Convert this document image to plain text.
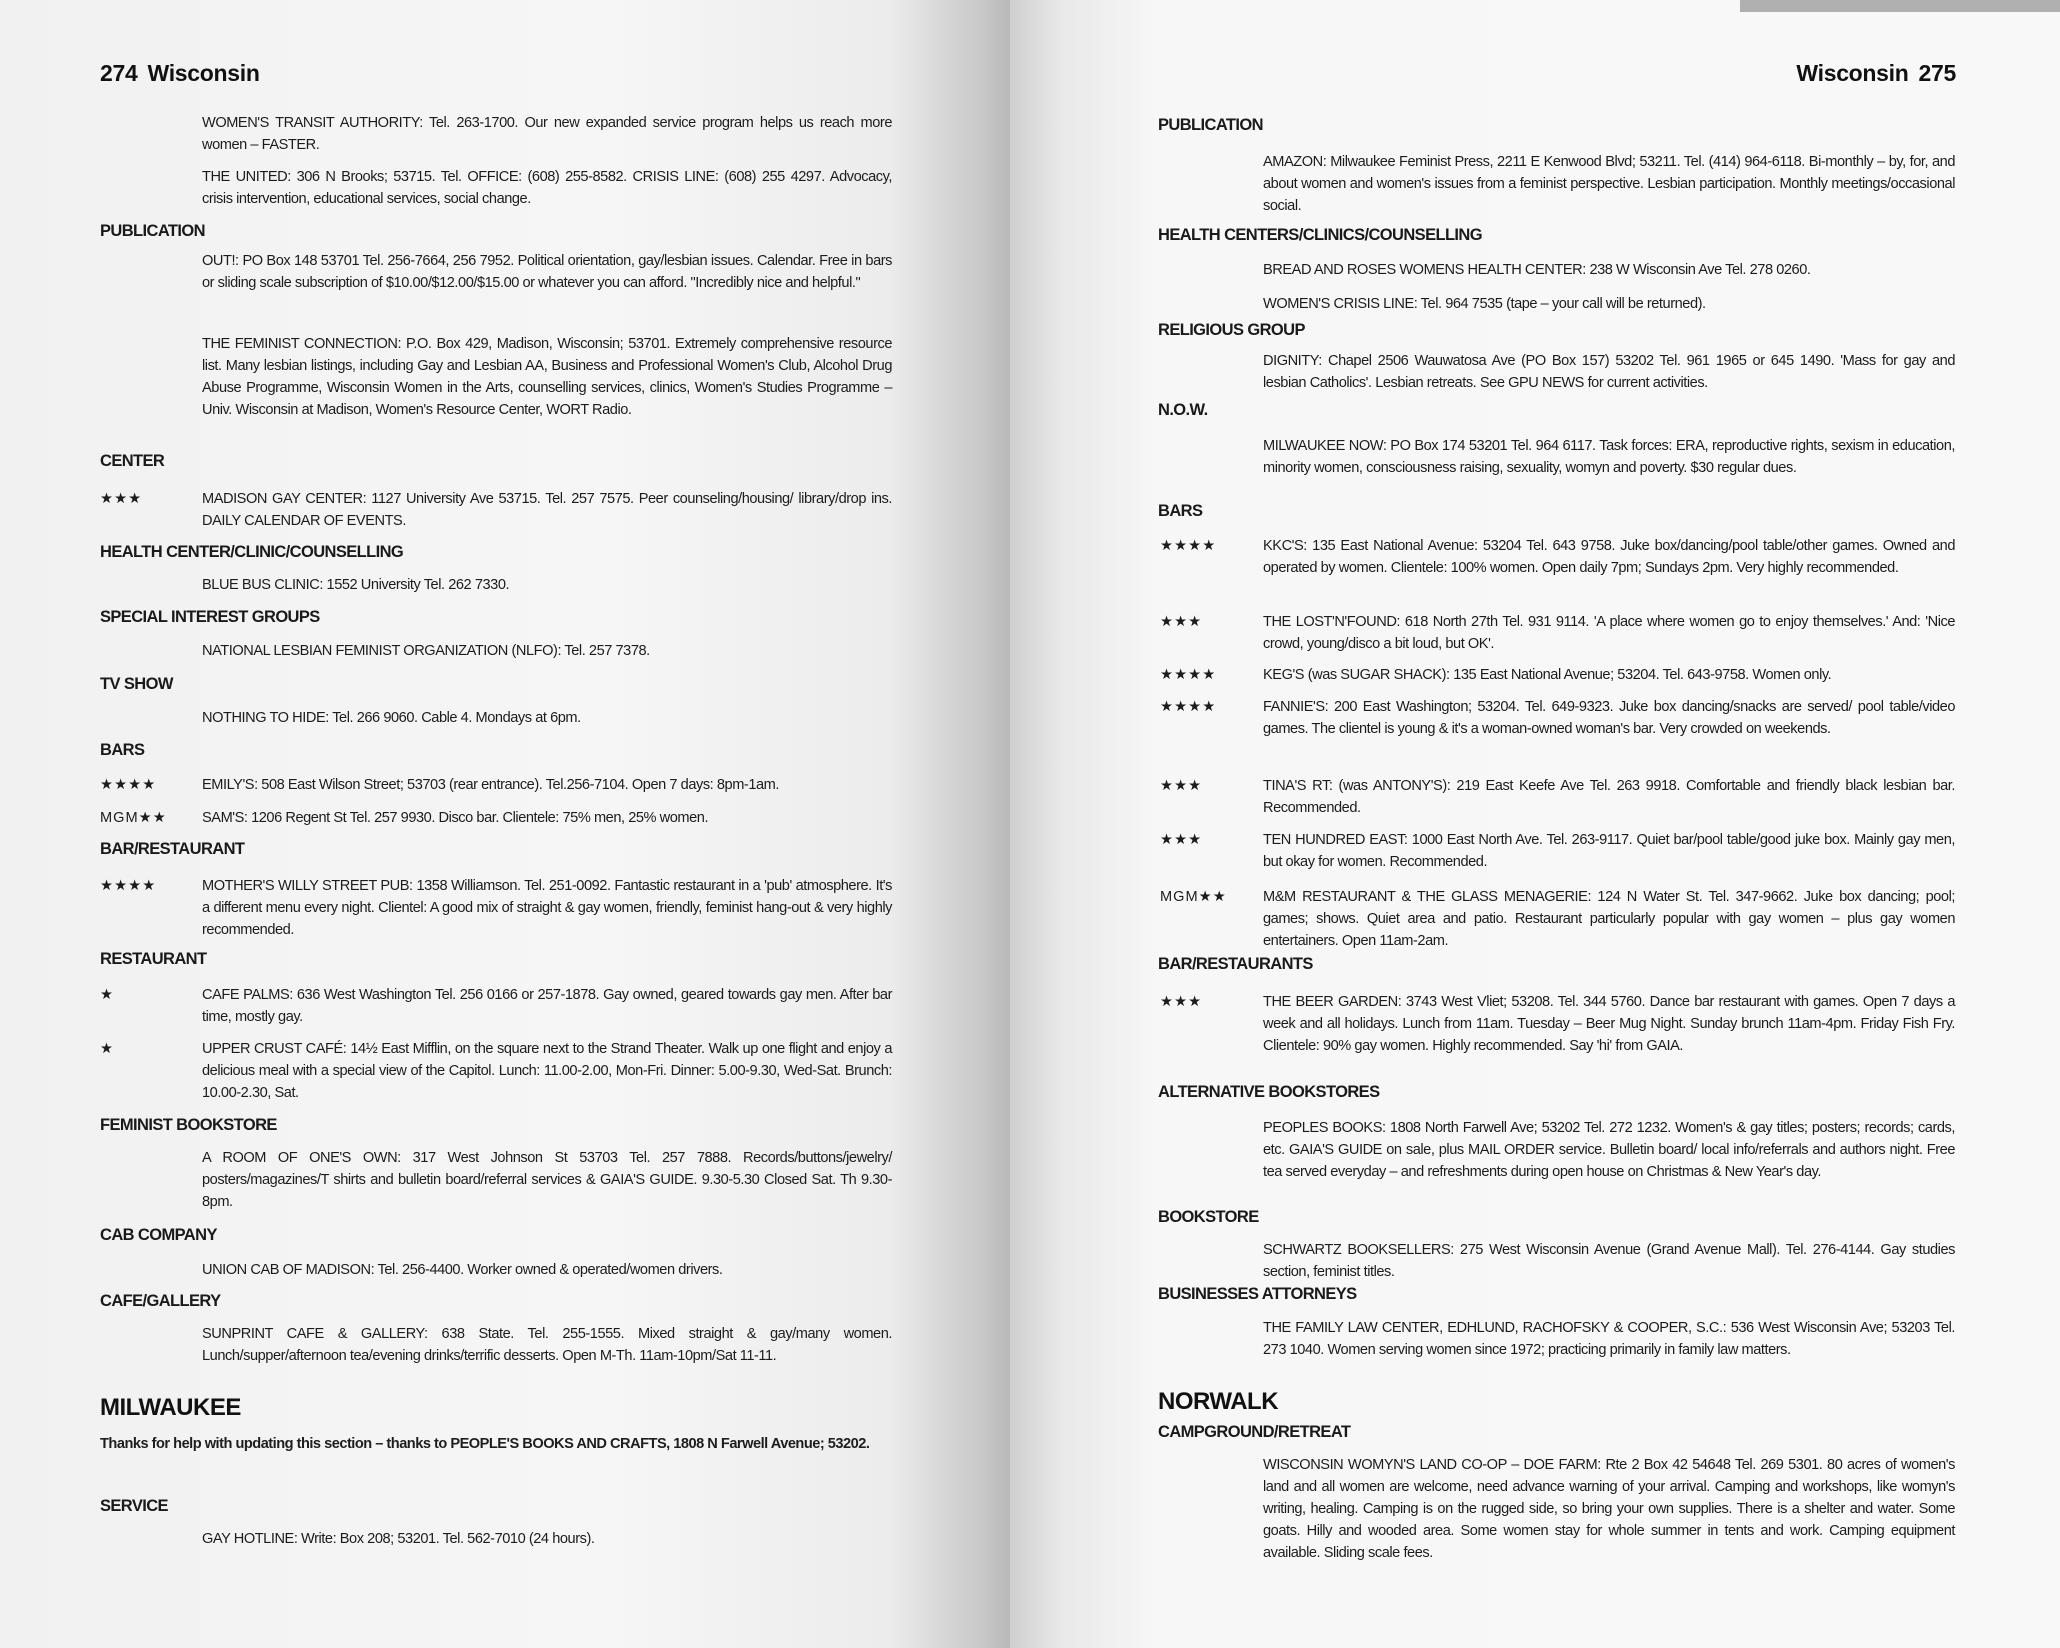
274 Wisconsin	Wisconsin 275
WOMEN'S TRANSIT AUTHORITY: Tel. 263-1700. Our new expanded service program helps us reach more women – FASTER.
THE UNITED: 306 N Brooks; 53715. Tel. OFFICE: (608) 255-8582. CRISIS LINE: (608) 255 4297. Advocacy, crisis intervention, educational services, social change.
PUBLICATION
OUT!: PO Box 148 53701 Tel. 256-7664, 256 7952. Political orientation, gay/lesbian issues. Calendar. Free in bars or sliding scale subscription of $10.00/$12.00/$15.00 or whatever you can afford. "Incredibly nice and helpful."
THE FEMINIST CONNECTION: P.O. Box 429, Madison, Wisconsin; 53701. Extremely comprehensive resource list. Many lesbian listings, including Gay and Lesbian AA, Business and Professional Women's Club, Alcohol Drug Abuse Programme, Wisconsin Women in the Arts, counselling services, clinics, Women's Studies Programme – Univ. Wisconsin at Madison, Women's Resource Center, WORT Radio.
CENTER
★★★	MADISON GAY CENTER: 1127 University Ave 53715. Tel. 257 7575. Peer counseling/housing/ library/drop ins. DAILY CALENDAR OF EVENTS.
HEALTH CENTER/CLINIC/COUNSELLING
BLUE BUS CLINIC: 1552 University Tel. 262 7330.
SPECIAL INTEREST GROUPS
NATIONAL LESBIAN FEMINIST ORGANIZATION (NLFO): Tel. 257 7378.
TV SHOW
NOTHING TO HIDE: Tel. 266 9060. Cable 4. Mondays at 6pm.
BARS
★★★★	EMILY'S: 508 East Wilson Street; 53703 (rear entrance). Tel.256-7104. Open 7 days: 8pm-1am.
MGM★★ SAM'S: 1206 Regent St Tel. 257 9930. Disco bar. Clientele: 75% men, 25% women.
BAR/RESTAURANT
★★★★	MOTHER'S WILLY STREET PUB: 1358 Williamson. Tel. 251-0092. Fantastic restaurant in a 'pub' atmosphere. It's a different menu every night. Clientel: A good mix of straight & gay women, friendly, feminist hang-out & very highly recommended.
RESTAURANT
★	CAFE PALMS: 636 West Washington Tel. 256 0166 or 257-1878. Gay owned, geared towards gay men. After bar time, mostly gay.
★	UPPER CRUST CAFÉ: 14½ East Mifflin, on the square next to the Strand Theater. Walk up one flight and enjoy a delicious meal with a special view of the Capitol. Lunch: 11.00-2.00, Mon-Fri. Dinner: 5.00-9.30, Wed-Sat. Brunch: 10.00-2.30, Sat.
FEMINIST BOOKSTORE
A ROOM OF ONE'S OWN: 317 West Johnson St 53703 Tel. 257 7888. Records/buttons/jewelry/ posters/magazines/T shirts and bulletin board/referral services & GAIA'S GUIDE. 9.30-5.30 Closed Sat. Th 9.30-8pm.
CAB COMPANY
UNION CAB OF MADISON: Tel. 256-4400. Worker owned & operated/women drivers.
CAFE/GALLERY
SUNPRINT CAFE & GALLERY: 638 State. Tel. 255-1555. Mixed straight & gay/many women. Lunch/supper/afternoon tea/evening drinks/terrific desserts. Open M-Th. 11am-10pm/Sat 11-11.
MILWAUKEE
Thanks for help with updating this section – thanks to PEOPLE'S BOOKS AND CRAFTS, 1808 N Farwell Avenue; 53202.
SERVICE
GAY HOTLINE: Write: Box 208; 53201. Tel. 562-7010 (24 hours).
PUBLICATION
AMAZON: Milwaukee Feminist Press, 2211 E Kenwood Blvd; 53211. Tel. (414) 964-6118. Bi-monthly – by, for, and about women and women's issues from a feminist perspective. Lesbian participation. Monthly meetings/occasional social.
HEALTH CENTERS/CLINICS/COUNSELLING
BREAD AND ROSES WOMENS HEALTH CENTER: 238 W Wisconsin Ave Tel. 278 0260.
WOMEN'S CRISIS LINE: Tel. 964 7535 (tape – your call will be returned).
RELIGIOUS GROUP
DIGNITY: Chapel 2506 Wauwatosa Ave (PO Box 157) 53202 Tel. 961 1965 or 645 1490. 'Mass for gay and lesbian Catholics'. Lesbian retreats. See GPU NEWS for current activities.
N.O.W.
MILWAUKEE NOW: PO Box 174 53201 Tel. 964 6117. Task forces: ERA, reproductive rights, sexism in education, minority women, consciousness raising, sexuality, womyn and poverty. $30 regular dues.
BARS
★★★★	KKC'S: 135 East National Avenue: 53204 Tel. 643 9758. Juke box/dancing/pool table/other games. Owned and operated by women. Clientele: 100% women. Open daily 7pm; Sundays 2pm. Very highly recommended.
★★★	THE LOST'N'FOUND: 618 North 27th Tel. 931 9114. 'A place where women go to enjoy themselves.' And: 'Nice crowd, young/disco a bit loud, but OK'.
★★★★	KEG'S (was SUGAR SHACK): 135 East National Avenue; 53204. Tel. 643-9758. Women only.
★★★★	FANNIE'S: 200 East Washington; 53204. Tel. 649-9323. Juke box dancing/snacks are served/ pool table/video games. The clientel is young & it's a woman-owned woman's bar. Very crowded on weekends.
★★★	TINA'S RT: (was ANTONY'S): 219 East Keefe Ave Tel. 263 9918. Comfortable and friendly black lesbian bar. Recommended.
★★★	TEN HUNDRED EAST: 1000 East North Ave. Tel. 263-9117. Quiet bar/pool table/good juke box. Mainly gay men, but okay for women. Recommended.
MGM★★ M&M RESTAURANT & THE GLASS MENAGERIE: 124 N Water St. Tel. 347-9662. Juke box dancing; pool; games; shows. Quiet area and patio. Restaurant particularly popular with gay women – plus gay women entertainers. Open 11am-2am.
BAR/RESTAURANTS
★★★	THE BEER GARDEN: 3743 West Vliet; 53208. Tel. 344 5760. Dance bar restaurant with games. Open 7 days a week and all holidays. Lunch from 11am. Tuesday – Beer Mug Night. Sunday brunch 11am-4pm. Friday Fish Fry. Clientele: 90% gay women. Highly recommended. Say 'hi' from GAIA.
ALTERNATIVE BOOKSTORES
PEOPLES BOOKS: 1808 North Farwell Ave; 53202 Tel. 272 1232. Women's & gay titles; posters; records; cards, etc. GAIA'S GUIDE on sale, plus MAIL ORDER service. Bulletin board/ local info/referrals and authors night. Free tea served everyday – and refreshments during open house on Christmas & New Year's day.
BOOKSTORE
SCHWARTZ BOOKSELLERS: 275 West Wisconsin Avenue (Grand Avenue Mall). Tel. 276-4144. Gay studies section, feminist titles.
BUSINESSES ATTORNEYS
THE FAMILY LAW CENTER, EDHLUND, RACHOFSKY & COOPER, S.C.: 536 West Wisconsin Ave; 53203 Tel. 273 1040. Women serving women since 1972; practicing primarily in family law matters.
NORWALK
CAMPGROUND/RETREAT
WISCONSIN WOMYN'S LAND CO-OP – DOE FARM: Rte 2 Box 42 54648 Tel. 269 5301. 80 acres of women's land and all women are welcome, need advance warning of your arrival. Camping and workshops, like womyn's writing, healing. Camping is on the rugged side, so bring your own supplies. There is a shelter and water. Some goats. Hilly and wooded area. Some women stay for whole summer in tents and work. Camping equipment available. Sliding scale fees.
